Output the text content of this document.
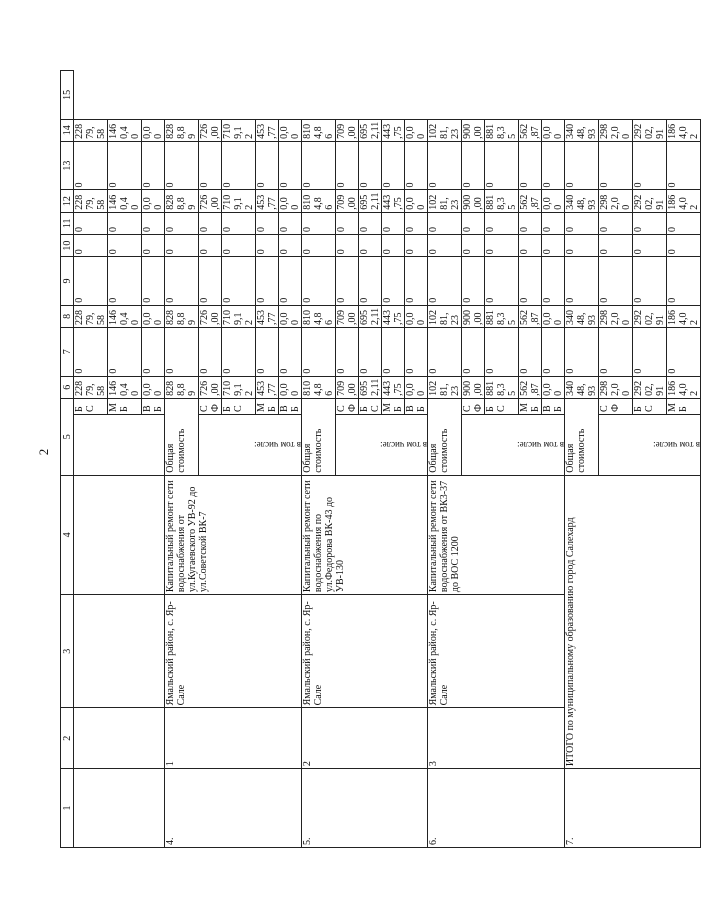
2
1	2	3	4	5		6	7	8	9	10	11	12	13	14	15
					БС	22879,58	0	22879,58	0	0	0	22879,58	0	22879,58	
					МБ	1460,40	0	1460,40	0	0	0	1460,40	0	1460,40	
					ВБ	0,00	0	0,00	0	0	0	0,00	0	0,00	
4.	1	Ямальский район, с. Яр-Сале	Капитальный ремонт сети водоснабжения от ул.Кугаевского УВ-92 до ул.Советской ВК-7	Общая стоимость		8288,89	0	8288,89	0	0	0	8288,89	0	8288,89	
				в том числе:	СФ	726,00	0	726,00	0	0	0	726,00	0	726,00	
					БС	7109,12	0	7109,12	0	0	0	7109,12	0	7109,12	
					МБ	453,77	0	453,77	0	0	0	453,77	0	453,77	
					ВБ	0,00	0	0,00	0	0	0	0,00	0	0,00	
5.	2	Ямальский район, с. Яр-Сале	Капитальный ремонт сети водоснабжения по ул.Федорова ВК-43 до УВ-130	Общая стоимость		8104,86	0	8104,86	0	0	0	8104,86	0	8104,86	
				в том числе:	СФ	709,00	0	709,00	0	0	0	709,00	0	709,00	
					БС	6952,11	0	6952,11	0	0	0	6952,11	0	6952,11	
					МБ	443,75	0	443,75	0	0	0	443,75	0	443,75	
					ВБ	0,00	0	0,00	0	0	0	0,00	0	0,00	
6.	3	Ямальский район, с. Яр-Сале	Капитальный ремонт сети водоснабжения от ВК3-37 до ВОС 1200	Общая стоимость		10281,23	0	10281,23	0	0	0	10281,23	0	10281,23	
				в том числе:	СФ	900,00	0	900,00	0	0	0	900,00	0	900,00	
					БС	8818,35	0	8818,35	0	0	0	8818,35	0	8818,35	
					МБ	562,87	0	562,87	0	0	0	562,87	0	562,87	
					ВБ	0,00	0	0,00	0	0	0	0,00	0	0,00	
7.	ИТОГО по муниципальному образованию город Салехард			Общая стоимость		34048,93	0	34048,93	0	0	0	34048,93	0	34048,93	
				в том числе:	СФ	2982,00	0	2982,00	0	0	0	2982,00	0	2982,00	
					БС	29202,91	0	29202,91	0	0	0	29202,91	0	29202,91	
					МБ	1864,02	0	1864,02	0	0	0	1864,02	0	1864,02	
